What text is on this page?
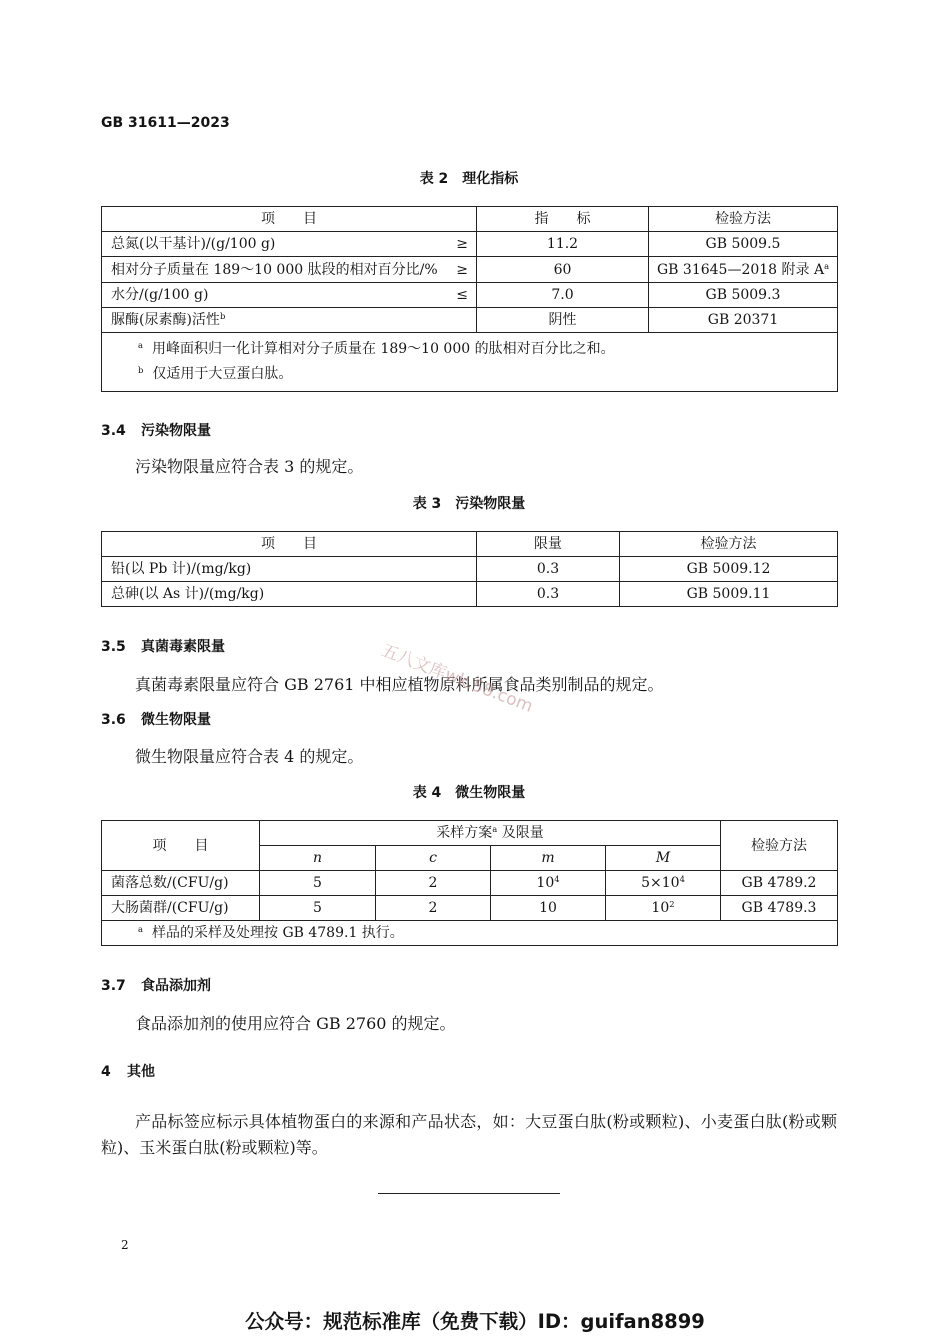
GB 31611—2023
表 2　理化指标
项　　目	指　　标	检验方法

总氮(以干基计)/(g/100 g) ≥	11.2	GB 5009.5

相对分子质量在 189～10 000 肽段的相对百分比/% ≥	60	GB 31645—2018 附录 $A^a$

水分/(g/100 g) ≤	7.0	GB 5009.3
脲酶(尿素酶)活性$^b$	阴性	GB 20371

$^a$ 用峰面积归一化计算相对分子质量在 189～10 000 的肽相对百分比之和。
$^b$ 仅适用于大豆蛋白肽。		
3.4 污染物限量
污染物限量应符合表 3 的规定。
表 3　污染物限量
项　　目	限量	检验方法
铅(以 Pb 计)/(mg/kg)	0.3	GB 5009.12
总砷(以 As 计)/(mg/kg)	0.3	GB 5009.11
3.5 真菌毒素限量
真菌毒素限量应符合 GB 2761 中相应植物原料所属食品类别制品的规定。
五八文库wk.58.com
3.6 微生物限量
微生物限量应符合表 4 的规定。
表 4　微生物限量
项　　目	采样方案$^a$ 及限量				检验方法
	n	c	m	M	
菌落总数/(CFU/g)	5	2	$10^4$	$5\times 10^4$	GB 4789.2
大肠菌群/(CFU/g)	5	2	10	$10^2$	GB 4789.3
$^a$ 样品的采样及处理按 GB 4789.1 执行。					
3.7 食品添加剂
食品添加剂的使用应符合 GB 2760 的规定。
4 其他
产品标签应标示具体植物蛋白的来源和产品状态，如：大豆蛋白肽(粉或颗粒)、小麦蛋白肽(粉或颗
粒)、玉米蛋白肽(粉或颗粒)等。
2
公众号：规范标准库（免费下载）ID：guifan8899
